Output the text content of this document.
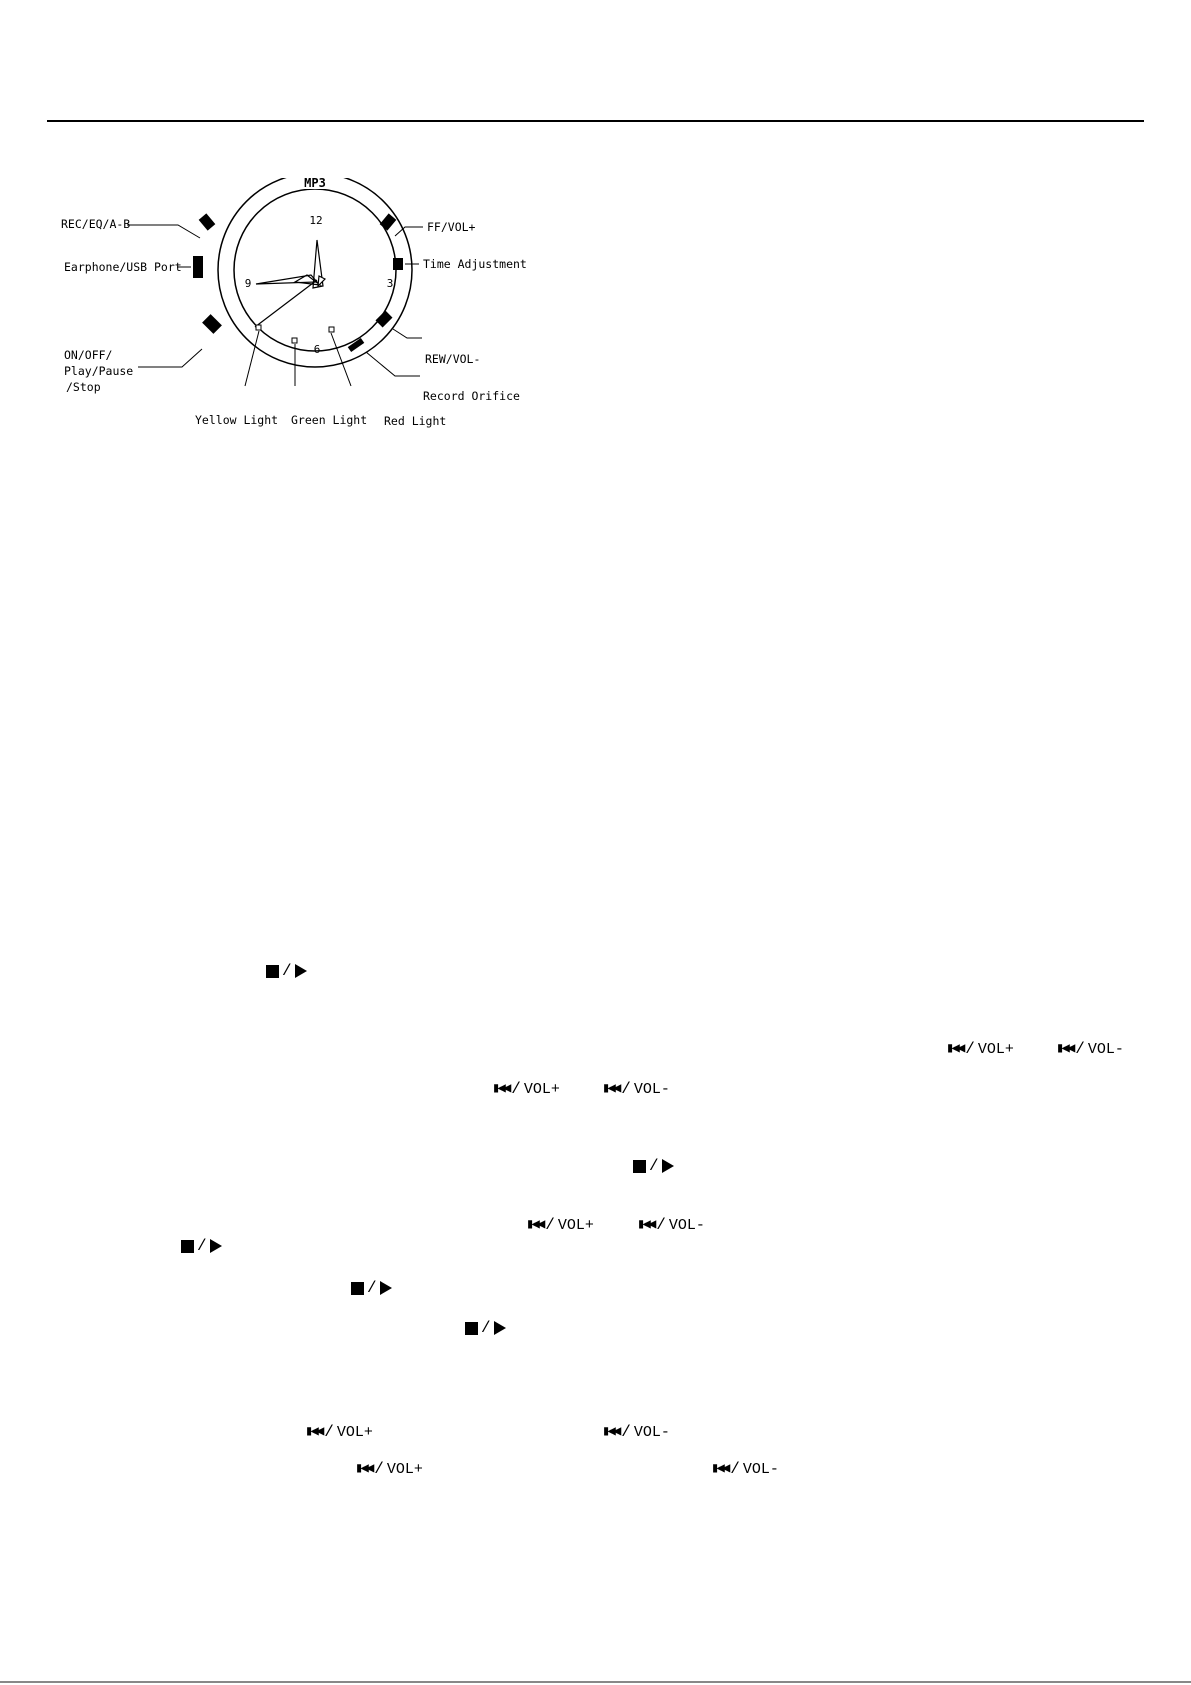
MP3
12
3
6
9
REC/EQ/A-B
Earphone/USB Port
ON/OFF/
Play/Pause
/Stop
FF/VOL+
Time Adjustment
REW/VOL-
Record Orifice
Yellow Light Green Light Red Light
/
/
/
/
/
▮◀◀ / VOL+	▮◀◀ / VOL-
▮◀◀ / VOL+	▮◀◀ / VOL-
▮◀◀ / VOL+	▮◀◀ / VOL-
▮◀◀ / VOL+	▮◀◀ / VOL-
▮◀◀ / VOL+	▮◀◀ / VOL-
